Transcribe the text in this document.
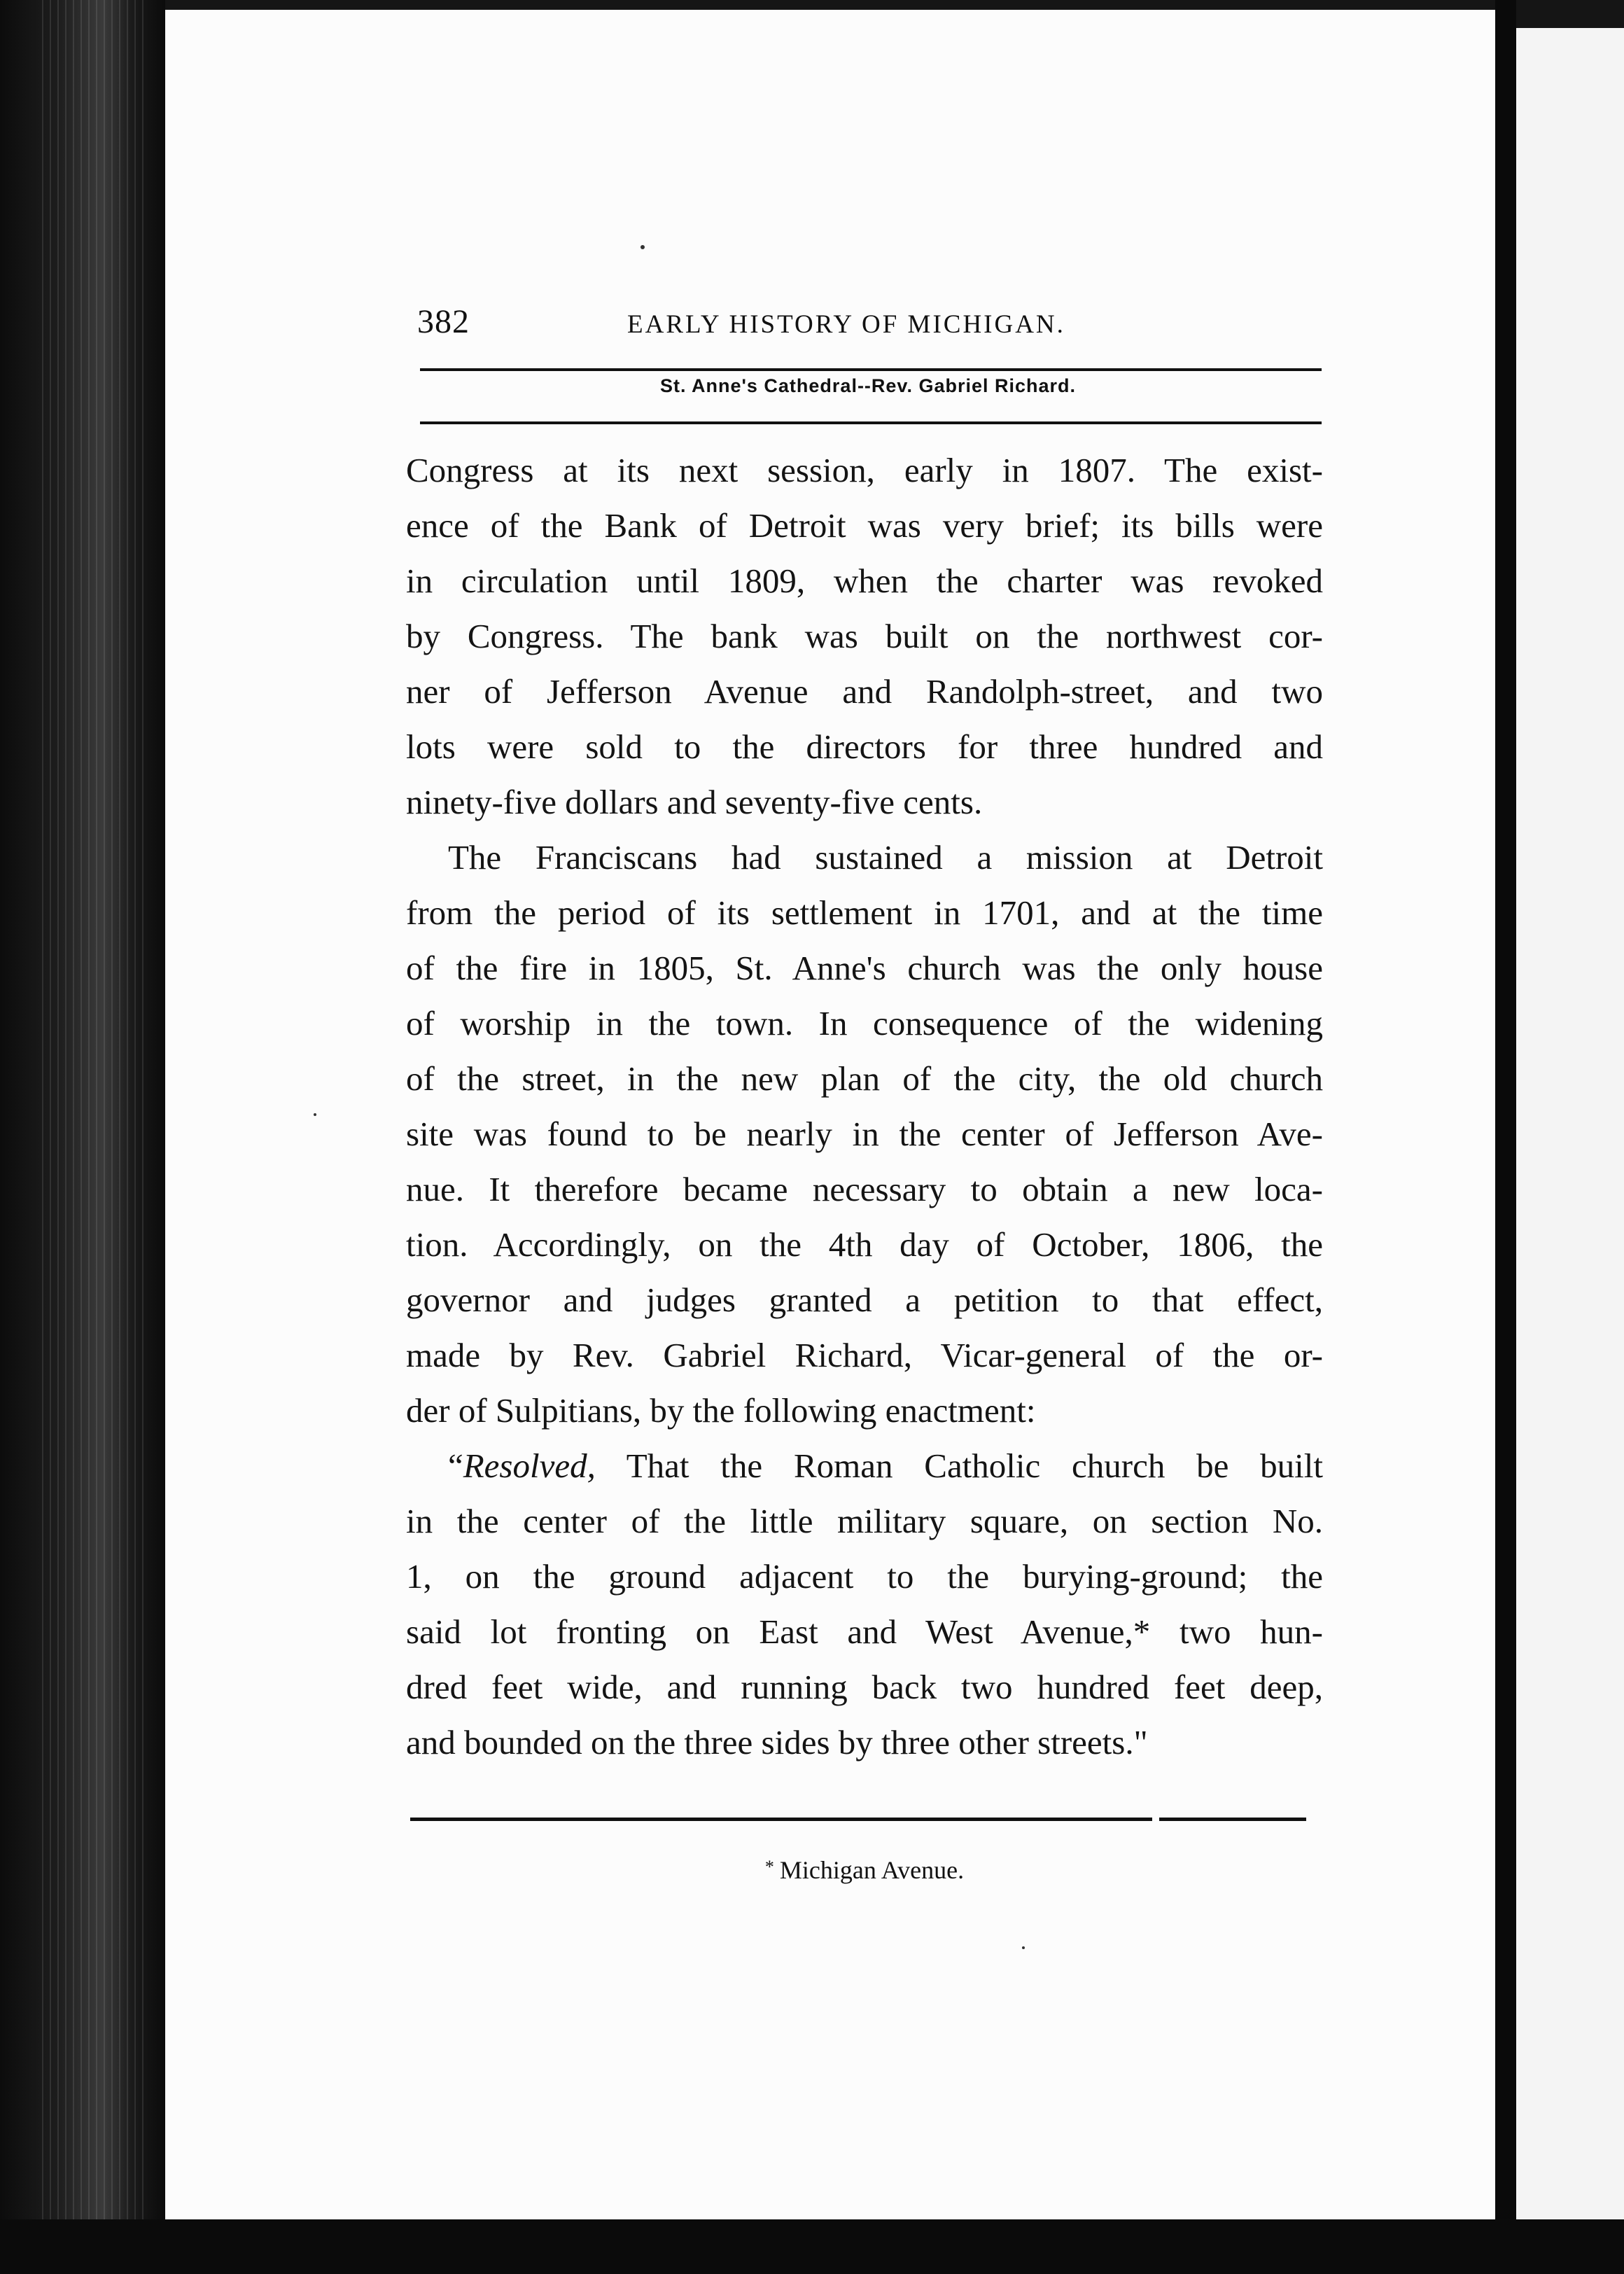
382	EARLY HISTORY OF MICHIGAN.
St. Anne's Cathedral--Rev. Gabriel Richard.
Congress at its next session, early in 1807. The exist-
ence of the Bank of Detroit was very brief; its bills were
in circulation until 1809, when the charter was revoked
by Congress. The bank was built on the northwest cor-
ner of Jefferson Avenue and Randolph-street, and two
lots were sold to the directors for three hundred and
ninety-five dollars and seventy-five cents.
The Franciscans had sustained a mission at Detroit
from the period of its settlement in 1701, and at the time
of the fire in 1805, St. Anne's church was the only house
of worship in the town. In consequence of the widening
of the street, in the new plan of the city, the old church
site was found to be nearly in the center of Jefferson Ave-
nue. It therefore became necessary to obtain a new loca-
tion. Accordingly, on the 4th day of October, 1806, the
governor and judges granted a petition to that effect,
made by Rev. Gabriel Richard, Vicar-general of the or-
der of Sulpitians, by the following enactment:
“Resolved, That the Roman Catholic church be built
in the center of the little military square, on section No.
1, on the ground adjacent to the burying-ground; the
said lot fronting on East and West Avenue,* two hun-
dred feet wide, and running back two hundred feet deep,
and bounded on the three sides by three other streets."
* Michigan Avenue.
